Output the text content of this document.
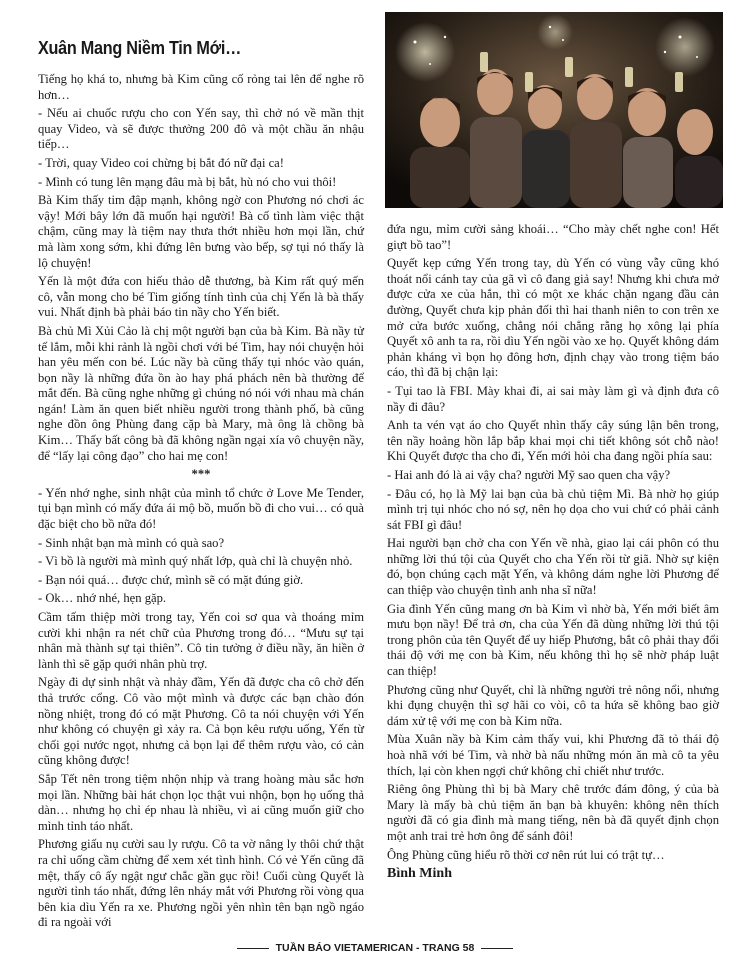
Xuân Mang Niềm Tin Mới…

Tiếng họ khá to, nhưng bà Kim cũng cố rỏng tai lên để nghe rõ hơn…

- Nếu ai chuốc rượu cho con Yến say, thì chở nó về mần thịt quay Video, và sẽ được thưởng 200 đô và một chầu ăn nhậu tiếp…

- Trời, quay Video coi chừng bị bắt đó nữ đại ca!

- Mình có tung lên mạng đâu mà bị bắt, hù nó cho vui thôi!

Bà Kim thấy tim đập mạnh, không ngờ con Phương nó chơi ác vậy! Mới bây lớn đã muốn hại người! Bà cố tình làm việc thật chậm, cũng may là tiệm nay thưa thớt nhiều hơn mọi lần, chứ mà làm xong sớm, khi đứng lên bưng vào bếp, sợ tụi nó thấy là lộ chuyện!

Yến là một đứa con hiếu thảo dễ thương, bà Kim rất quý mến cô, vẫn mong cho bé Tim giống tính tình của chị Yến là bà thấy vui. Nhất định bà phải báo tin nầy cho Yến biết.

Bà chủ Mì Xủi Cảo là chị một người bạn của bà Kim. Bà nầy tử tế lắm, mỗi khi rảnh là ngồi chơi với bé Tim, hay nói chuyện hỏi han yêu mến con bé. Lúc nầy bà cũng thấy tụi nhóc vào quán, bọn nầy là những đứa ồn ào hay phá phách nên bà thường để mắt đến. Bà cũng nghe những gì chúng nó nói với nhau mà chán ngán! Làm ăn quen biết nhiều người trong thành phố, bà cũng nghe đồn ông Phùng đang cặp bà Mary, mà ông là chồng bà Kim… Thấy bất công bà đã không ngần ngại xía vô chuyện nầy, để “lấy lại công đạo” cho hai mẹ con!

***

- Yến nhớ nghe, sinh nhật của mình tổ chức ở Love Me Tender, tụi bạn mình có mấy đứa ái mộ bồ, muốn bồ đi cho vui… có quà đặc biệt cho bồ nữa đó!

- Sinh nhật bạn mà mình có quà sao?

- Vì bồ là người mà mình quý nhất lớp, quà chỉ là chuyện nhỏ.

- Bạn nói quá… được chứ, mình sẽ có mặt đúng giờ.

- Ok… nhớ nhé, hẹn gặp.

Cầm tấm thiệp mời trong tay, Yến coi sơ qua và thoáng mỉm cười khi nhận ra nét chữ của Phương trong đó… “Mưu sự tại nhân mà thành sự tại thiên”. Cô tin tưởng ở điều nầy, ăn hiền ở lành thì sẽ gặp quới nhân phù trợ.

Ngày đi dự sinh nhật và nhảy đầm, Yến đã được cha cô chở đến thả trước cổng. Cô vào một mình và được các bạn chào đón nồng nhiệt, trong đó có mặt Phương. Cô ta nói chuyện với Yến như không có chuyện gì xảy ra. Cả bọn kêu rượu uống, Yến từ chối gọi nước ngọt, nhưng cả bọn lại để thêm rượu vào, có cản cũng không được!

Sắp Tết nên trong tiệm nhộn nhịp và trang hoàng màu sắc hơn mọi lần. Những bài hát chọn lọc thật vui nhộn, bọn họ uống thả dàn… nhưng họ chỉ ép nhau là nhiều, vì ai cũng muốn giữ cho mình tỉnh táo nhất.

Phương giấu nụ cười sau ly rượu. Cô ta vờ nâng ly thôi chứ thật ra chỉ uống cầm chừng để xem xét tình hình. Có vẻ Yến cũng đã mệt, thấy cô ấy ngật ngư chắc gần gục rồi! Cuối cùng Quyết là người tỉnh táo nhất, đứng lên nháy mắt với Phương rồi vòng qua bên kia dìu Yến ra xe. Phương ngồi yên nhìn tên bạn ngồ ngáo đi ra ngoài với

đứa ngu, mỉm cười sảng khoái… “Cho mày chết nghe con! Hết giựt bồ tao”!

Quyết kẹp cứng Yến trong tay, dù Yến có vùng vẫy cũng khó thoát nổi cánh tay của gã vì cô đang giả say! Nhưng khi chưa mở được cửa xe của hắn, thì có một xe khác chặn ngang đầu cản đường, Quyết chưa kịp phản đối thì hai thanh niên to con trên xe mở cửa bước xuống, chẳng nói chẳng rằng họ xông lại phía Quyết xô anh ta ra, rồi dìu Yến ngồi vào xe họ. Quyết không dám phản kháng vì bọn họ đông hơn, định chạy vào trong tiệm báo cáo, thì đã bị chận lại:

- Tụi tao là FBI. Mày khai đi, ai sai mày làm gì và định đưa cô nầy đi đâu?

Anh ta vén vạt áo cho Quyết nhìn thấy cây súng lận bên trong, tên nầy hoảng hồn lắp bắp khai mọi chi tiết không sót chỗ nào! Khi Quyết được tha cho đi, Yến mới hỏi cha đang ngồi phía sau:

- Hai anh đó là ai vậy cha? người Mỹ sao quen cha vậy?

- Đâu có, họ là Mỹ lai bạn của bà chủ tiệm Mì. Bà nhờ họ giúp mình trị tụi nhóc cho nó sợ, nên họ dọa cho vui chứ có phải cảnh sát FBI gì đâu!

Hai người bạn chở cha con Yến về nhà, giao lại cái phôn có thu những lời thú tội của Quyết cho cha Yến rồi từ giã. Nhờ sự kiện đó, bọn chúng cạch mặt Yến, và không dám nghe lời Phương để can thiệp vào chuyện tình anh nha sĩ nữa!

Gia đình Yến cũng mang ơn bà Kim vì nhờ bà, Yến mới biết âm mưu bọn nầy! Để trả ơn, cha của Yến đã dùng những lời thú tội trong phôn của tên Quyết để uy hiếp Phương, bắt cô phải thay đổi thái độ với mẹ con bà Kim, nếu không thì họ sẽ nhờ pháp luật can thiệp!

Phương cũng như Quyết, chỉ là những người trẻ nông nổi, nhưng khi đụng chuyện thì sợ hãi co vòi, cô ta hứa sẽ không bao giờ dám xử tệ với mẹ con bà Kim nữa.

Mùa Xuân nầy bà Kim cảm thấy vui, khi Phương đã tỏ thái độ hoà nhã với bé Tim, và nhờ bà nấu những món ăn mà cô ta yêu thích, lại còn khen ngợi chứ không chỉ chiết như trước.

Riêng ông Phùng thì bị bà Mary chê trước đám đông, ý của bà Mary là mấy bà chủ tiệm ăn bạn bà khuyên: không nên thích người đã có gia đình mà mang tiếng, nên bà đã quyết định chọn một anh trai trẻ hơn ông để sánh đôi!

Ông Phùng cũng hiểu rõ thời cơ nên rút lui có trật tự…

Bình Minh

TUẦN BÁO VIETAMERICAN - TRANG 58
